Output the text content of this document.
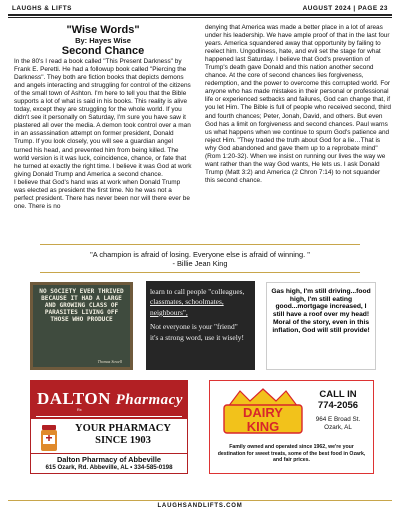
LAUGHS & LIFTS	AUGUST 2024 | PAGE 23
"Wise Words"
By: Hayes Wise
Second Chance

In the 80's I read a book called "This Present Darkness" by Frank E. Peretti. He had a followup book called "Piercing the Darkness". They both are fiction books that depicts demons and angels interacting and struggling for control of the citizens of the small town of Ashton. I'm here to tell you that the Bible supports a lot of what is said in his books. This reality is alive today, except they are struggling for the whole world. If you didn't see it personally on Saturday, I'm sure you have saw it plastered all over the media. A demon took control over a man in an assassination attempt on former president, Donald Trump. If you look closely, you will see a guardian angel turned his head, and prevented him from being killed. The world version is it was luck, coincidence, chance, or fate that he turned at exactly the right time. I believe it was God at work giving Donald Trump and America a second chance.

I believe that God's hand was at work when Donald Trump was elected as president the first time. No he was not a perfect president. There has never been nor will there ever be one. There is no

denying that America was made a better place in a lot of areas under his leadership. We have ample proof of that in the last four years. America squandered away that opportunity by failing to reelect him. Ungodliness, hate, and evil set the stage for what happened last Saturday. I believe that God's prevention of Trump's death gave Donald and this nation another second chance. At the core of second chances lies forgiveness, redemption, and the power to overcome this corrupted world. For anyone who has made mistakes in their personal or professional life or experienced setbacks and failures, God can change that, if you let Him. The Bible is full of people who received second, third and fourth chances; Peter, Jonah, David, and others. But even God has a limit on forgiveness and second chances. Paul warns us what happens when we continue to spurn God's patience and reject Him. "They traded the truth about God for a lie…That is why God abandoned and gave them up to a reprobate mind" (Rom 1:20-32). When we insist on running our lives the way we want rather than the way God wants, He lets us. I ask Donald Trump (Matt 3:2) and America (2 Chron 7:14) to not squander this second chance.

"A champion is afraid of losing. Everyone else is afraid of winning. "
- Billie Jean King
NO SOCIETY EVER THRIVED BECAUSE IT HAD A LARGE AND GROWING CLASS OF PARASITES LIVING OFF THOSE WHO PRODUCE
Thomas Sowell
learn to call people "colleagues,
classmates, schoolmates,
neighbours",
Not everyone is your "friend"
it's a strong word, use it wisely!
Gas high, I'm still driving...food high, I'm still eating good...mortgage increased, I still have a roof over my head! Moral of the story, even in this inflation, God will still provide!
DALTON Pharmacy
Rx
YOUR PHARMACY
SINCE 1903
Dalton Pharmacy of Abbeville
615 Ozark, Rd. Abbeville, AL • 334-585-0198
DAIRY
KING
CALL IN
774-2056
964 E Broad St.
Ozark, AL
Family owned and operated since 1962, we're your destination for sweet treats, some of the best food in Ozark, and fair prices.
LAUGHSANDLIFTS.COM
